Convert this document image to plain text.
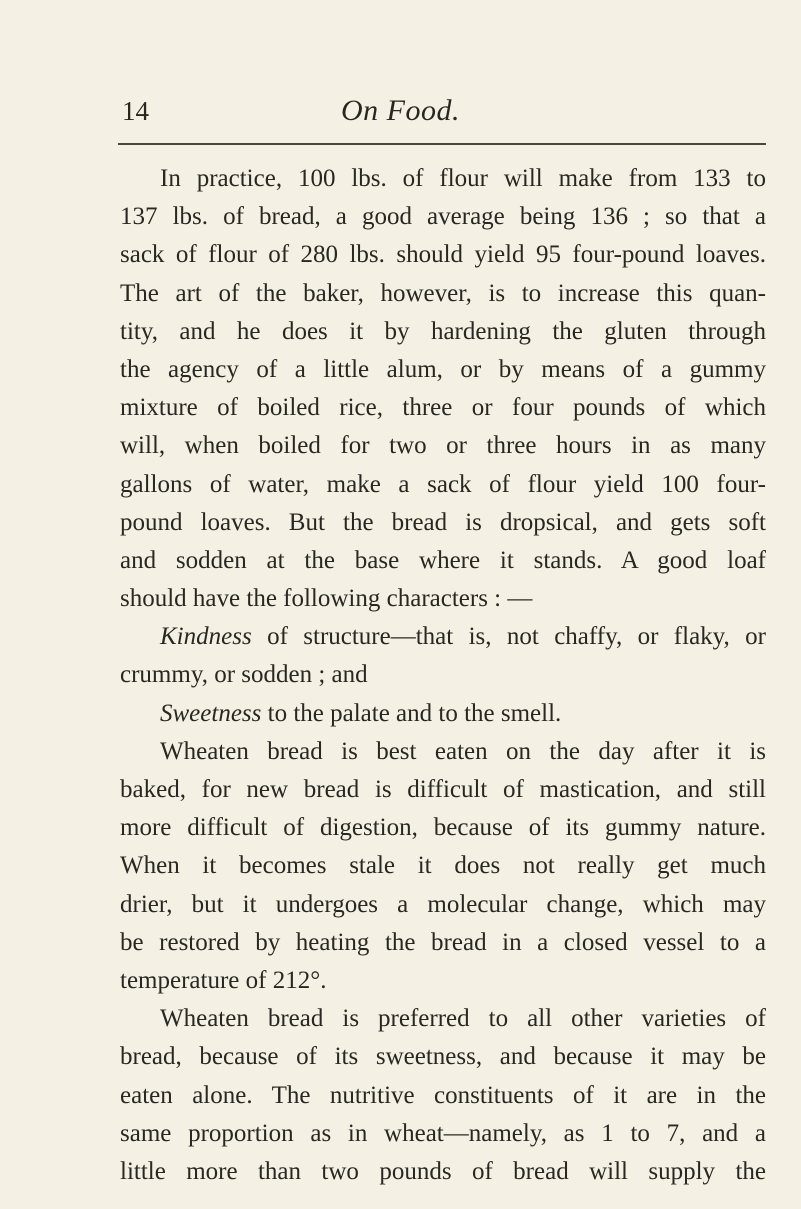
14	On Food.
In practice, 100 lbs. of flour will make from 133 to
137 lbs. of bread, a good average being 136 ; so that a
sack of flour of 280 lbs. should yield 95 four-pound loaves.
The art of the baker, however, is to increase this quan-
tity, and he does it by hardening the gluten through
the agency of a little alum, or by means of a gummy
mixture of boiled rice, three or four pounds of which
will, when boiled for two or three hours in as many
gallons of water, make a sack of flour yield 100 four-
pound loaves. But the bread is dropsical, and gets soft
and sodden at the base where it stands. A good loaf
should have the following characters : —
Kindness of structure—that is, not chaffy, or flaky, or
crummy, or sodden ; and
Sweetness to the palate and to the smell.
Wheaten bread is best eaten on the day after it is
baked, for new bread is difficult of mastication, and still
more difficult of digestion, because of its gummy nature.
When it becomes stale it does not really get much
drier, but it undergoes a molecular change, which may
be restored by heating the bread in a closed vessel to a
temperature of 212°.
Wheaten bread is preferred to all other varieties of
bread, because of its sweetness, and because it may be
eaten alone. The nutritive constituents of it are in the
same proportion as in wheat—namely, as 1 to 7, and a
little more than two pounds of bread will supply the
